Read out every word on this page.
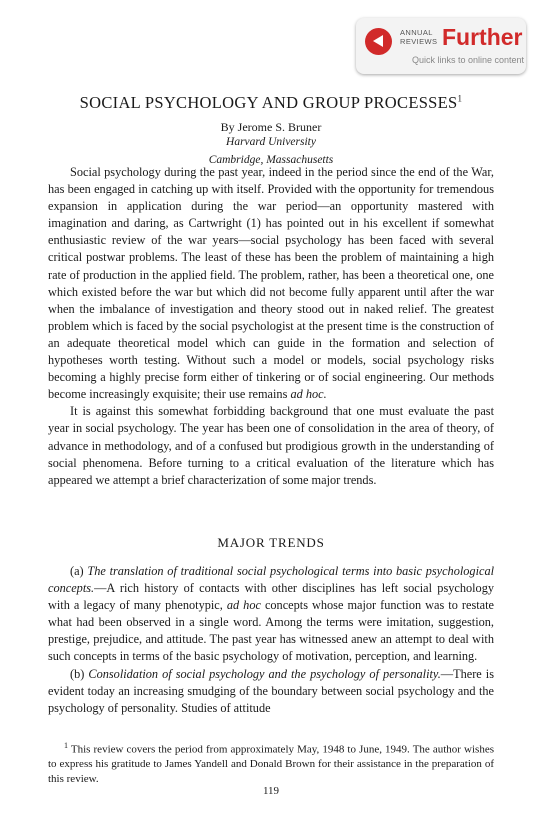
ANNUAL
REVIEWS Further
Quick links to online content
SOCIAL PSYCHOLOGY AND GROUP PROCESSES$^1$
By Jerome S. Bruner
Harvard University
Cambridge, Massachusetts

Social psychology during the past year, indeed in the period since the end of the War, has been engaged in catching up with itself. Provided with the opportunity for tremendous expansion in application during the war period—an opportunity mastered with imagination and daring, as Cartwright (1) has pointed out in his excellent if somewhat enthusiastic review of the war years—social psychology has been faced with several critical postwar problems. The least of these has been the problem of maintaining a high rate of production in the applied field. The problem, rather, has been a theoretical one, one which existed before the war but which did not become fully apparent until after the war when the imbalance of investigation and theory stood out in naked relief. The greatest problem which is faced by the social psychologist at the present time is the construction of an adequate theoretical model which can guide in the formation and selection of hypotheses worth testing. Without such a model or models, social psychology risks becoming a highly precise form either of tinkering or of social engineering. Our methods become increasingly exquisite; their use remains ad hoc.

It is against this somewhat forbidding background that one must evaluate the past year in social psychology. The year has been one of consolidation in the area of theory, of advance in methodology, and of a confused but prodigious growth in the understanding of social phenomena. Before turning to a critical evaluation of the literature which has appeared we attempt a brief characterization of some major trends.

MAJOR TRENDS

(a) The translation of traditional social psychological terms into basic psychological concepts.—A rich history of contacts with other disciplines has left social psychology with a legacy of many phenotypic, ad hoc concepts whose major function was to restate what had been observed in a single word. Among the terms were imitation, suggestion, prestige, prejudice, and attitude. The past year has witnessed anew an attempt to deal with such concepts in terms of the basic psychology of motivation, perception, and learning.

(b) Consolidation of social psychology and the psychology of personality.—There is evident today an increasing smudging of the boundary between social psychology and the psychology of personality. Studies of attitude

$^1$ This review covers the period from approximately May, 1948 to June, 1949. The author wishes to express his gratitude to James Yandell and Donald Brown for their assistance in the preparation of this review.

119
